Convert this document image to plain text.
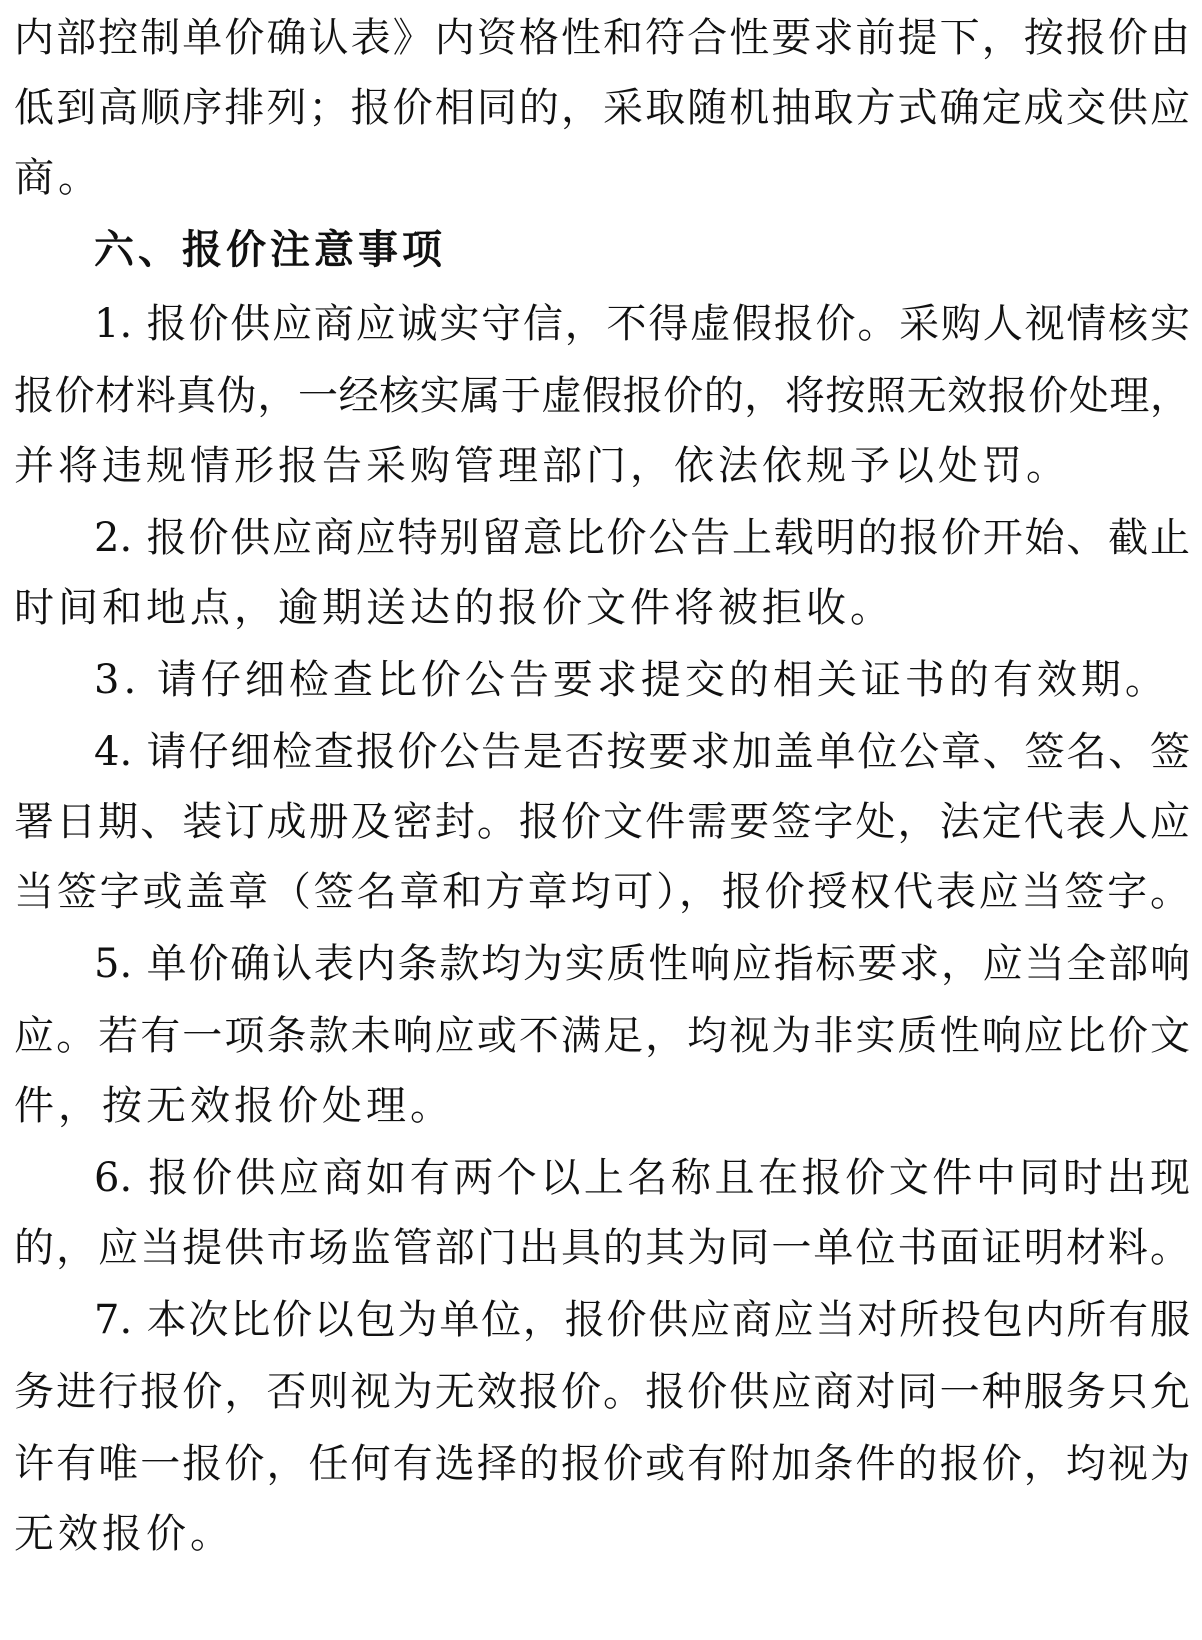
内部控制单价确认表》内资格性和符合性要求前提下，按报价由
低到高顺序排列；报价相同的，采取随机抽取方式确定成交供应
商。
六、报价注意事项
1. 报价供应商应诚实守信，不得虚假报价。采购人视情核实
报价材料真伪，一经核实属于虚假报价的，将按照无效报价处理，
并将违规情形报告采购管理部门，依法依规予以处罚。
2. 报价供应商应特别留意比价公告上载明的报价开始、截止
时间和地点，逾期送达的报价文件将被拒收。
3. 请仔细检查比价公告要求提交的相关证书的有效期。
4. 请仔细检查报价公告是否按要求加盖单位公章、签名、签
署日期、装订成册及密封。报价文件需要签字处，法定代表人应
当签字或盖章（签名章和方章均可），报价授权代表应当签字。
5. 单价确认表内条款均为实质性响应指标要求，应当全部响
应。若有一项条款未响应或不满足，均视为非实质性响应比价文
件，按无效报价处理。
6. 报价供应商如有两个以上名称且在报价文件中同时出现
的，应当提供市场监管部门出具的其为同一单位书面证明材料。
7. 本次比价以包为单位，报价供应商应当对所投包内所有服
务进行报价，否则视为无效报价。报价供应商对同一种服务只允
许有唯一报价，任何有选择的报价或有附加条件的报价，均视为
无效报价。
